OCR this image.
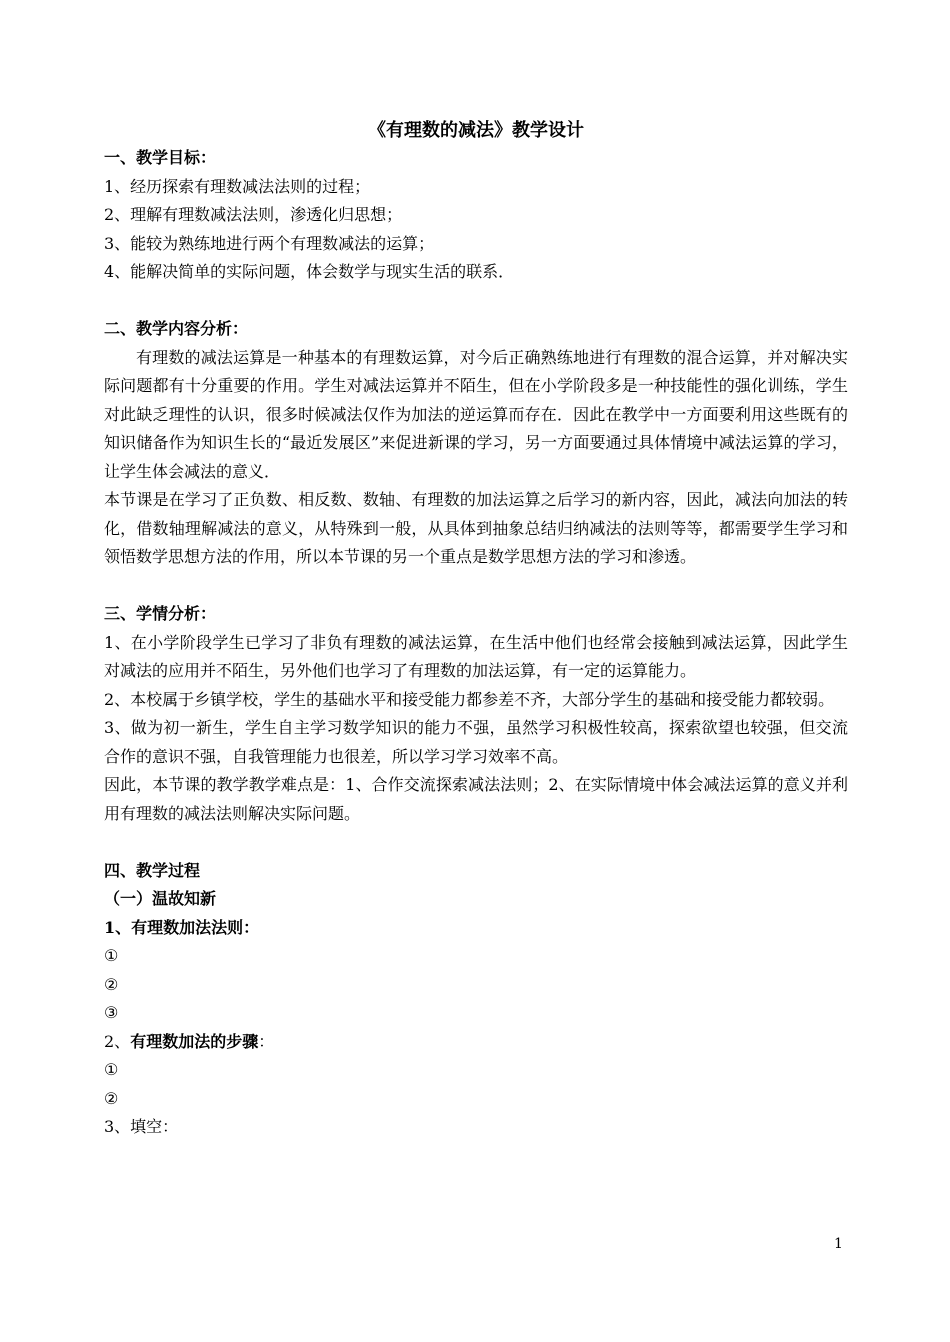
《有理数的减法》教学设计

一、教学目标：

1、经历探索有理数减法法则的过程；

2、理解有理数减法法则，渗透化归思想；

3、能较为熟练地进行两个有理数减法的运算；

4、能解决简单的实际问题，体会数学与现实生活的联系．

二、教学内容分析：

有理数的减法运算是一种基本的有理数运算，对今后正确熟练地进行有理数的混合运算，并对解决实际问题都有十分重要的作用。学生对减法运算并不陌生，但在小学阶段多是一种技能性的强化训练，学生对此缺乏理性的认识，很多时候减法仅作为加法的逆运算而存在．因此在教学中一方面要利用这些既有的知识储备作为知识生长的“最近发展区”来促进新课的学习，另一方面要通过具体情境中减法运算的学习，让学生体会减法的意义．

本节课是在学习了正负数、相反数、数轴、有理数的加法运算之后学习的新内容，因此，减法向加法的转化，借数轴理解减法的意义，从特殊到一般，从具体到抽象总结归纳减法的法则等等，都需要学生学习和领悟数学思想方法的作用，所以本节课的另一个重点是数学思想方法的学习和渗透。

三、学情分析：

1、在小学阶段学生已学习了非负有理数的减法运算，在生活中他们也经常会接触到减法运算，因此学生对减法的应用并不陌生，另外他们也学习了有理数的加法运算，有一定的运算能力。

2、本校属于乡镇学校，学生的基础水平和接受能力都参差不齐，大部分学生的基础和接受能力都较弱。

3、做为初一新生，学生自主学习数学知识的能力不强，虽然学习积极性较高，探索欲望也较强，但交流合作的意识不强，自我管理能力也很差，所以学习学习效率不高。

因此，本节课的教学教学难点是：1、合作交流探索减法法则；2、在实际情境中体会减法运算的意义并利用有理数的减法法则解决实际问题。

四、教学过程

（一）温故知新

1、有理数加法法则：

①

②

③

2、有理数加法的步骤：

①

②

3、填空：

1
